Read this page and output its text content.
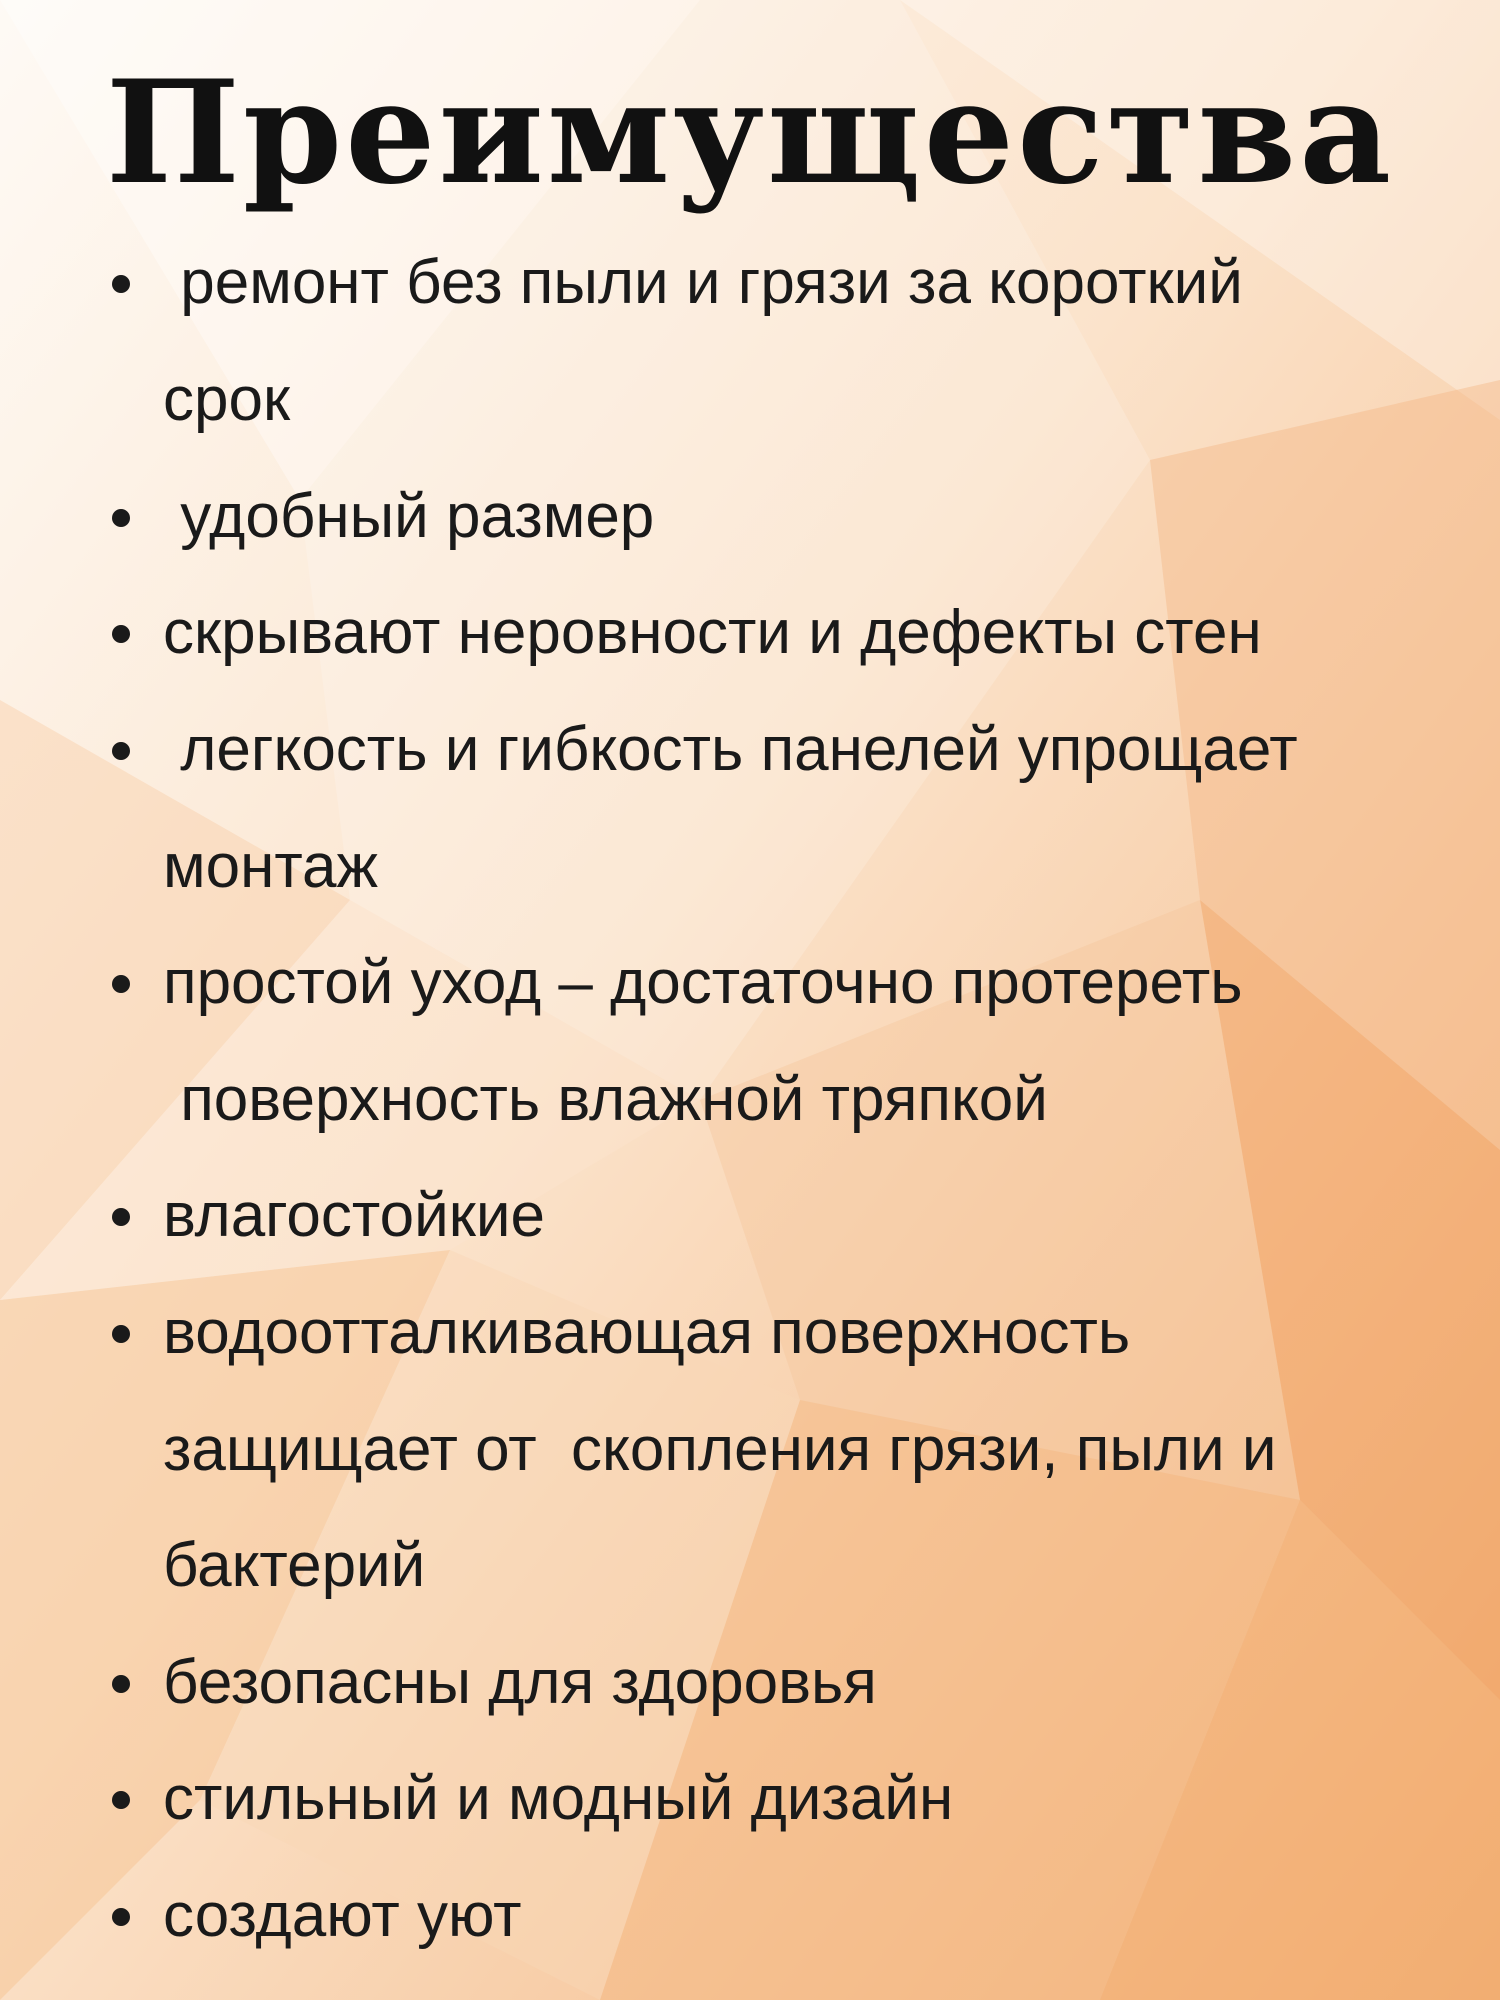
Преимущества
ремонт без пыли и грязи за короткий
срок
удобный размер
скрывают неровности и дефекты стен
легкость и гибкость панелей упрощает
монтаж
простой уход – достаточно протереть
поверхность влажной тряпкой
влагостойкие
водоотталкивающая поверхность
защищает от  скопления грязи, пыли и
бактерий
безопасны для здоровья
стильный и модный дизайн
создают уют
